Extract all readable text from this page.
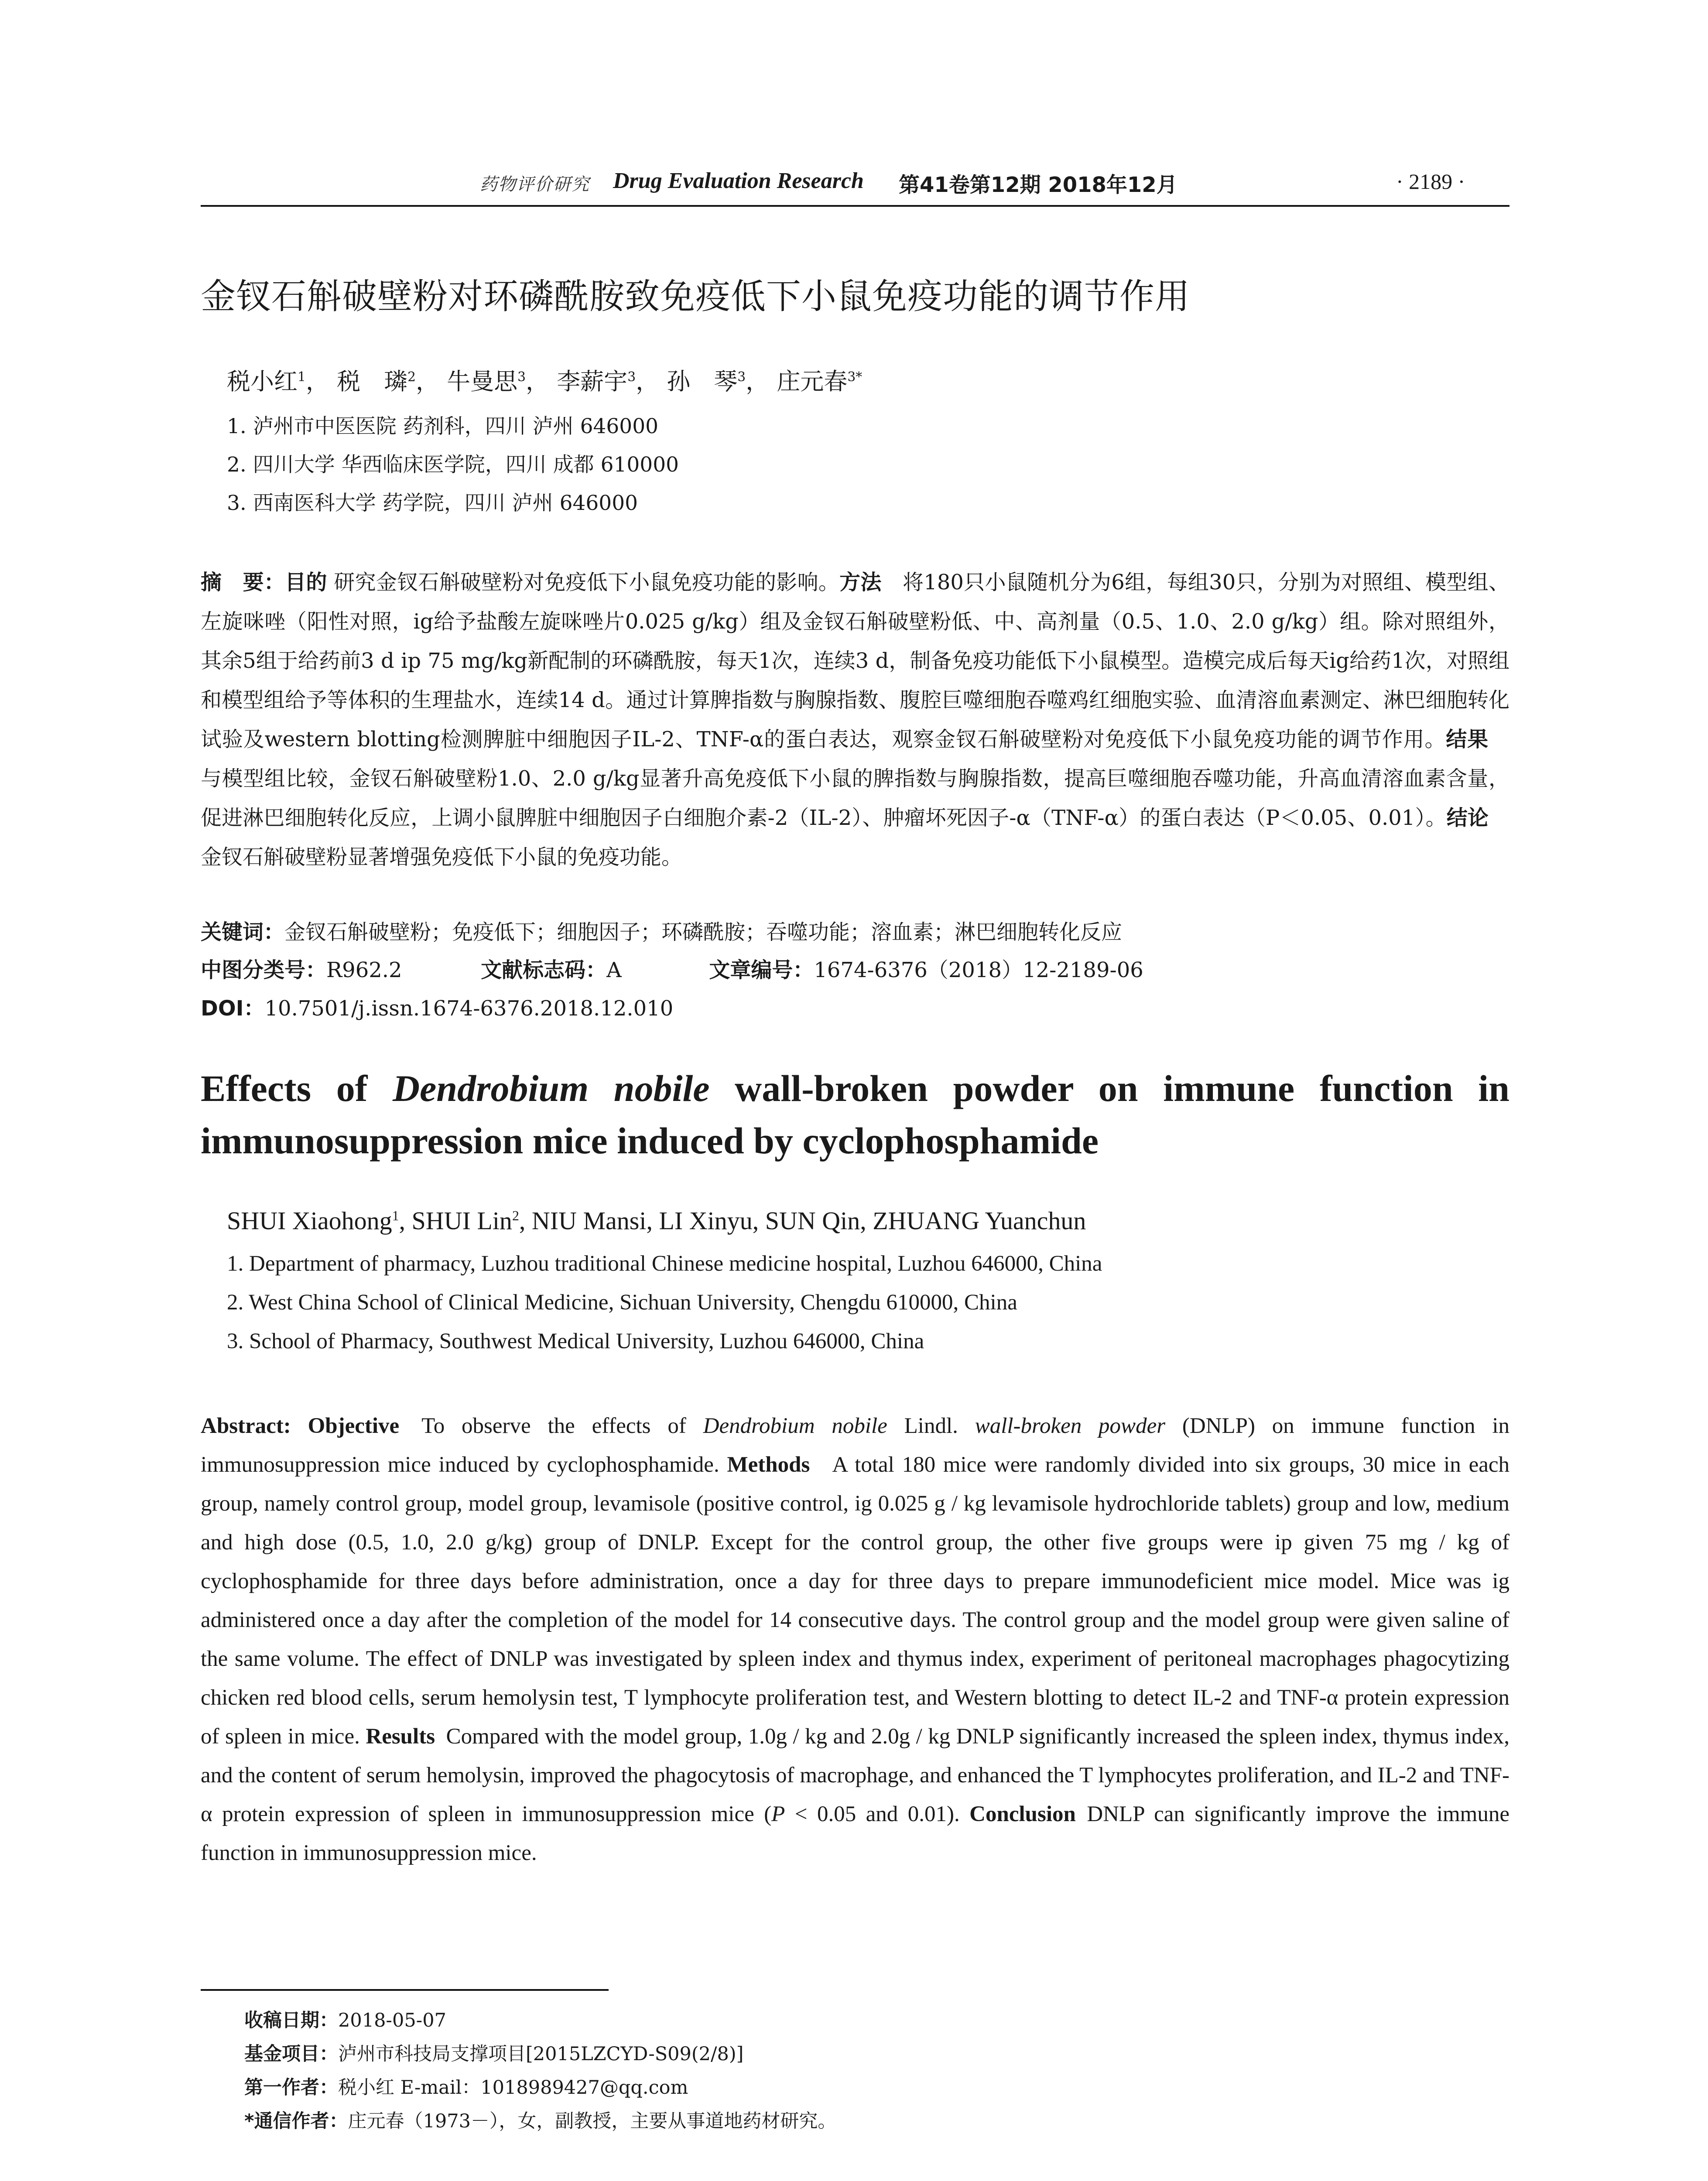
药物评价研究 Drug Evaluation Research 第41卷第12期 2018年12月	· 2189 ·
金钗石斛破壁粉对环磷酰胺致免疫低下小鼠免疫功能的调节作用
税小红$^1$， 税　璘$^2$， 牛曼思$^3$， 李薪宇$^3$， 孙　琴$^3$， 庄元春$^{3*}$
1. 泸州市中医医院 药剂科，四川 泸州 646000
2. 四川大学 华西临床医学院，四川 成都 610000
3. 西南医科大学 药学院，四川 泸州 646000
摘　要：目的 研究金钗石斛破壁粉对免疫低下小鼠免疫功能的影响。方法  将180只小鼠随机分为6组，每组30只，分别为对照组、模型组、左旋咪唑（阳性对照，ig给予盐酸左旋咪唑片0.025 g/kg）组及金钗石斛破壁粉低、中、高剂量（0.5、1.0、2.0 g/kg）组。除对照组外，其余5组于给药前3 d ip 75 mg/kg新配制的环磷酰胺，每天1次，连续3 d，制备免疫功能低下小鼠模型。造模完成后每天ig给药1次，对照组和模型组给予等体积的生理盐水，连续14 d。通过计算脾指数与胸腺指数、腹腔巨噬细胞吞噬鸡红细胞实验、血清溶血素测定、淋巴细胞转化试验及western blotting检测脾脏中细胞因子IL-2、TNF-α的蛋白表达，观察金钗石斛破壁粉对免疫低下小鼠免疫功能的调节作用。结果 与模型组比较，金钗石斛破壁粉1.0、2.0 g/kg显著升高免疫低下小鼠的脾指数与胸腺指数，提高巨噬细胞吞噬功能，升高血清溶血素含量，促进淋巴细胞转化反应，上调小鼠脾脏中细胞因子白细胞介素-2（IL-2）、肿瘤坏死因子-α（TNF-α）的蛋白表达（P＜0.05、0.01）。结论 金钗石斛破壁粉显著增强免疫低下小鼠的免疫功能。
关键词：金钗石斛破壁粉；免疫低下；细胞因子；环磷酰胺；吞噬功能；溶血素；淋巴细胞转化反应
中图分类号：R962.2	文献标志码：A	文章编号：1674-6376（2018）12-2189-06
DOI：10.7501/j.issn.1674-6376.2018.12.010
Effects of Dendrobium nobile wall-broken powder on immune function in immunosuppression mice induced by cyclophosphamide
SHUI Xiaohong$^1$, SHUI Lin$^2$, NIU Mansi, LI Xinyu, SUN Qin, ZHUANG Yuanchun
1. Department of pharmacy, Luzhou traditional Chinese medicine hospital, Luzhou 646000, China
2. West China School of Clinical Medicine, Sichuan University, Chengdu 610000, China
3. School of Pharmacy, Southwest Medical University, Luzhou 646000, China
Abstract: Objective  To observe the effects of Dendrobium nobile Lindl. wall-broken powder (DNLP) on immune function in immunosuppression mice induced by cyclophosphamide. Methods  A total 180 mice were randomly divided into six groups, 30 mice in each group, namely control group, model group, levamisole (positive control, ig 0.025 g / kg levamisole hydrochloride tablets) group and low, medium and high dose (0.5, 1.0, 2.0 g/kg) group of DNLP. Except for the control group, the other five groups were ip given 75 mg / kg of cyclophosphamide for three days before administration, once a day for three days to prepare immunodeficient mice model. Mice was ig administered once a day after the completion of the model for 14 consecutive days. The control group and the model group were given saline of the same volume. The effect of DNLP was investigated by spleen index and thymus index, experiment of peritoneal macrophages phagocytizing chicken red blood cells, serum hemolysin test, T lymphocyte proliferation test, and Western blotting to detect IL-2 and TNF-α protein expression of spleen in mice. Results  Compared with the model group, 1.0g / kg and 2.0g / kg DNLP significantly increased the spleen index, thymus index, and the content of serum hemolysin, improved the phagocytosis of macrophage, and enhanced the T lymphocytes proliferation, and IL-2 and TNF-α protein expression of spleen in immunosuppression mice (P < 0.05 and 0.01). Conclusion  DNLP can significantly improve the immune function in immunosuppression mice.
收稿日期：2018-05-07
基金项目：泸州市科技局支撑项目[2015LZCYD-S09(2/8)]
第一作者：税小红 E-mail：1018989427@qq.com
*通信作者：庄元春（1973－），女，副教授，主要从事道地药材研究。
